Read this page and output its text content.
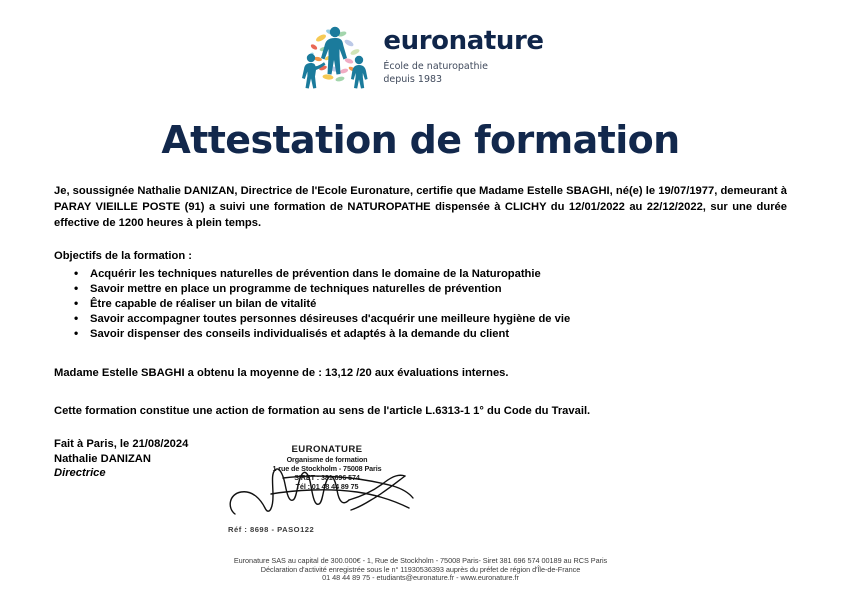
euronature
École de naturopathie
depuis 1983
Attestation de formation

Je, soussignée Nathalie DANIZAN, Directrice de l'Ecole Euronature, certifie que Madame Estelle SBAGHI, né(e) le 19/07/1977, demeurant à PARAY VIEILLE POSTE (91) a suivi une formation de NATUROPATHE dispensée à CLICHY du 12/01/2022 au 22/12/2022, sur une durée effective de 1200 heures à plein temps.

Objectifs de la formation :
• Acquérir les techniques naturelles de prévention dans le domaine de la Naturopathie
• Savoir mettre en place un programme de techniques naturelles de prévention
• Être capable de réaliser un bilan de vitalité
• Savoir accompagner toutes personnes désireuses d'acquérir une meilleure hygiène de vie
• Savoir dispenser des conseils individualisés et adaptés à la demande du client

Madame Estelle SBAGHI a obtenu la moyenne de : 13,12 /20 aux évaluations internes.

Cette formation constitue une action de formation au sens de l'article L.6313-1 1° du Code du Travail.

Fait à Paris, le 21/08/2024
Nathalie DANIZAN
Directrice
EURONATURE
Organisme de formation
1 rue de Stockholm - 75008 Paris
SIRET : 381 696 574
Tél : 01 48 44 89 75
Réf : 8698 - PASO122
Euronature SAS au capital de 300.000€ - 1, Rue de Stockholm - 75008 Paris- Siret 381 696 574 00189 au RCS Paris
Déclaration d'activité enregistrée sous le n° 11930536393 auprès du préfet de région d'Île-de-France
01 48 44 89 75 - etudiants@euronature.fr - www.euronature.fr
